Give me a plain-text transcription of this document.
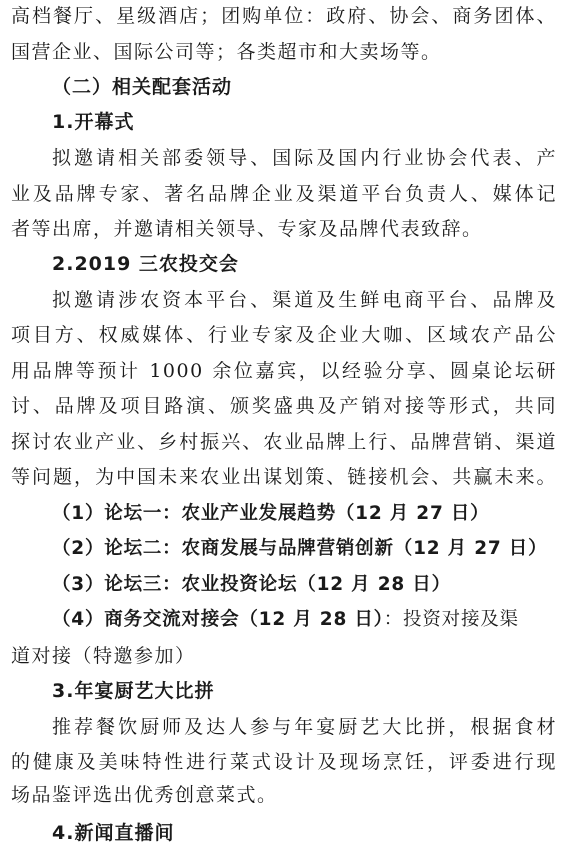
高档餐厅、星级酒店；团购单位：政府、协会、商务团体、
国营企业、国际公司等；各类超市和大卖场等。
（二）相关配套活动
1.开幕式
拟邀请相关部委领导、国际及国内行业协会代表、产
业及品牌专家、著名品牌企业及渠道平台负责人、媒体记
者等出席，并邀请相关领导、专家及品牌代表致辞。
2.2019 三农投交会
拟邀请涉农资本平台、渠道及生鲜电商平台、品牌及
项目方、权威媒体、行业专家及企业大咖、区域农产品公
用品牌等预计 1000 余位嘉宾，以经验分享、圆桌论坛研
讨、品牌及项目路演、颁奖盛典及产销对接等形式，共同
探讨农业产业、乡村振兴、农业品牌上行、品牌营销、渠道
等问题，为中国未来农业出谋划策、链接机会、共赢未来。
（1）论坛一：农业产业发展趋势（12 月 27 日）
（2）论坛二：农商发展与品牌营销创新（12 月 27 日）
（3）论坛三：农业投资论坛（12 月 28 日）
（4）商务交流对接会（12 月 28 日）：投资对接及渠
道对接（特邀参加）
3.年宴厨艺大比拼
推荐餐饮厨师及达人参与年宴厨艺大比拼，根据食材
的健康及美味特性进行菜式设计及现场烹饪，评委进行现
场品鉴评选出优秀创意菜式。
4.新闻直播间
